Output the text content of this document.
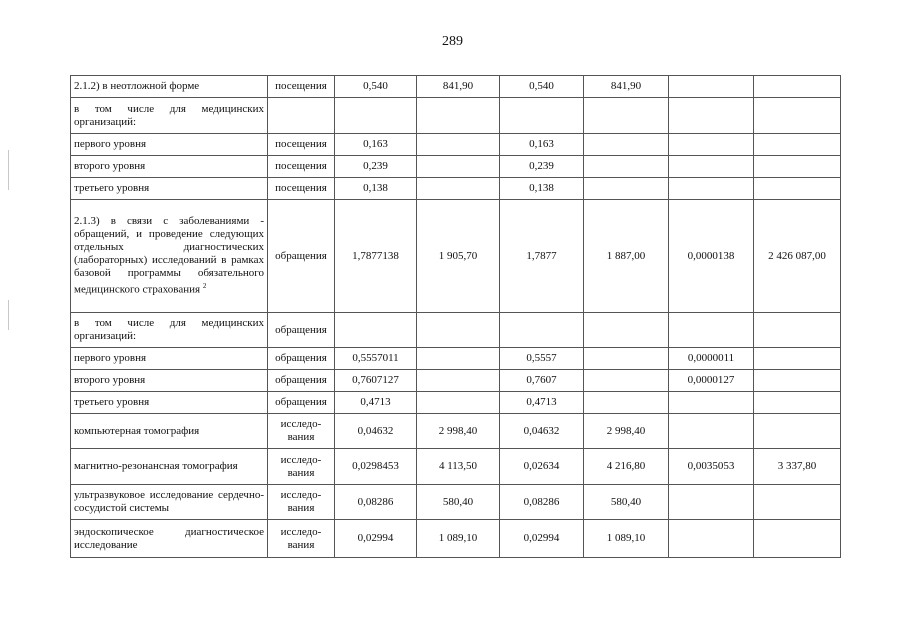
289
2.1.2) в неотложной форме	посещения	0,540	841,90	0,540	841,90		
в том числе для медицинских организаций:							
первого уровня	посещения	0,163		0,163			
второго уровня	посещения	0,239		0,239			
третьего уровня	посещения	0,138		0,138			
2.1.3) в связи с заболеваниями - обращений, и проведение следующих отдельных диагностических (лабораторных) исследований в рамках базовой программы обязательного медицинского страхования $^2$	обращения	1,7877138	1 905,70	1,7877	1 887,00	0,0000138	2 426 087,00
в том числе для медицинских организаций:	обращения						
первого уровня	обращения	0,5557011		0,5557		0,0000011	
второго уровня	обращения	0,7607127		0,7607		0,0000127	
третьего уровня	обращения	0,4713		0,4713			
компьютерная томография	исследо-вания	0,04632	2 998,40	0,04632	2 998,40		
магнитно-резонансная томография	исследо-вания	0,0298453	4 113,50	0,02634	4 216,80	0,0035053	3 337,80
ультразвуковое исследование сердечно-сосудистой системы	исследо-вания	0,08286	580,40	0,08286	580,40		
эндоскопическое диагностическое исследование	исследо-вания	0,02994	1 089,10	0,02994	1 089,10		
